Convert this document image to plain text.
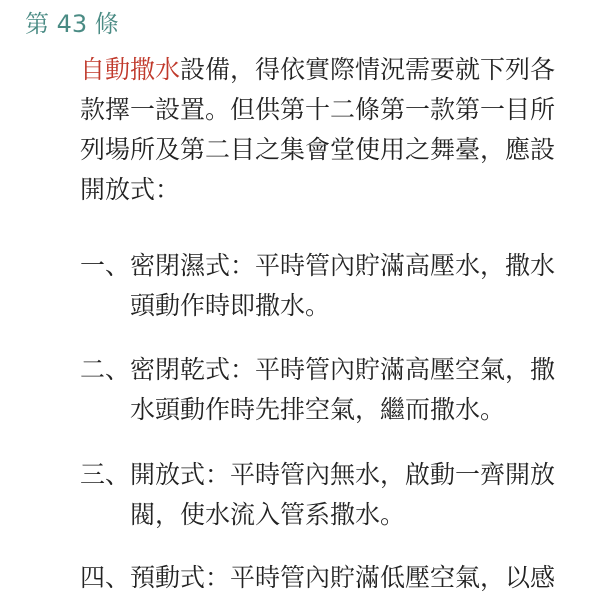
第 43 條
自動撒水設備，得依實際情況需要就下列各
款擇一設置。但供第十二條第一款第一目所
列場所及第二目之集會堂使用之舞臺，應設
開放式：
一、密閉濕式：平時管內貯滿高壓水，撒水
頭動作時即撒水。
二、密閉乾式：平時管內貯滿高壓空氣，撒
水頭動作時先排空氣，繼而撒水。
三、開放式：平時管內無水，啟動一齊開放
閥，使水流入管系撒水。
四、預動式：平時管內貯滿低壓空氣，以感
